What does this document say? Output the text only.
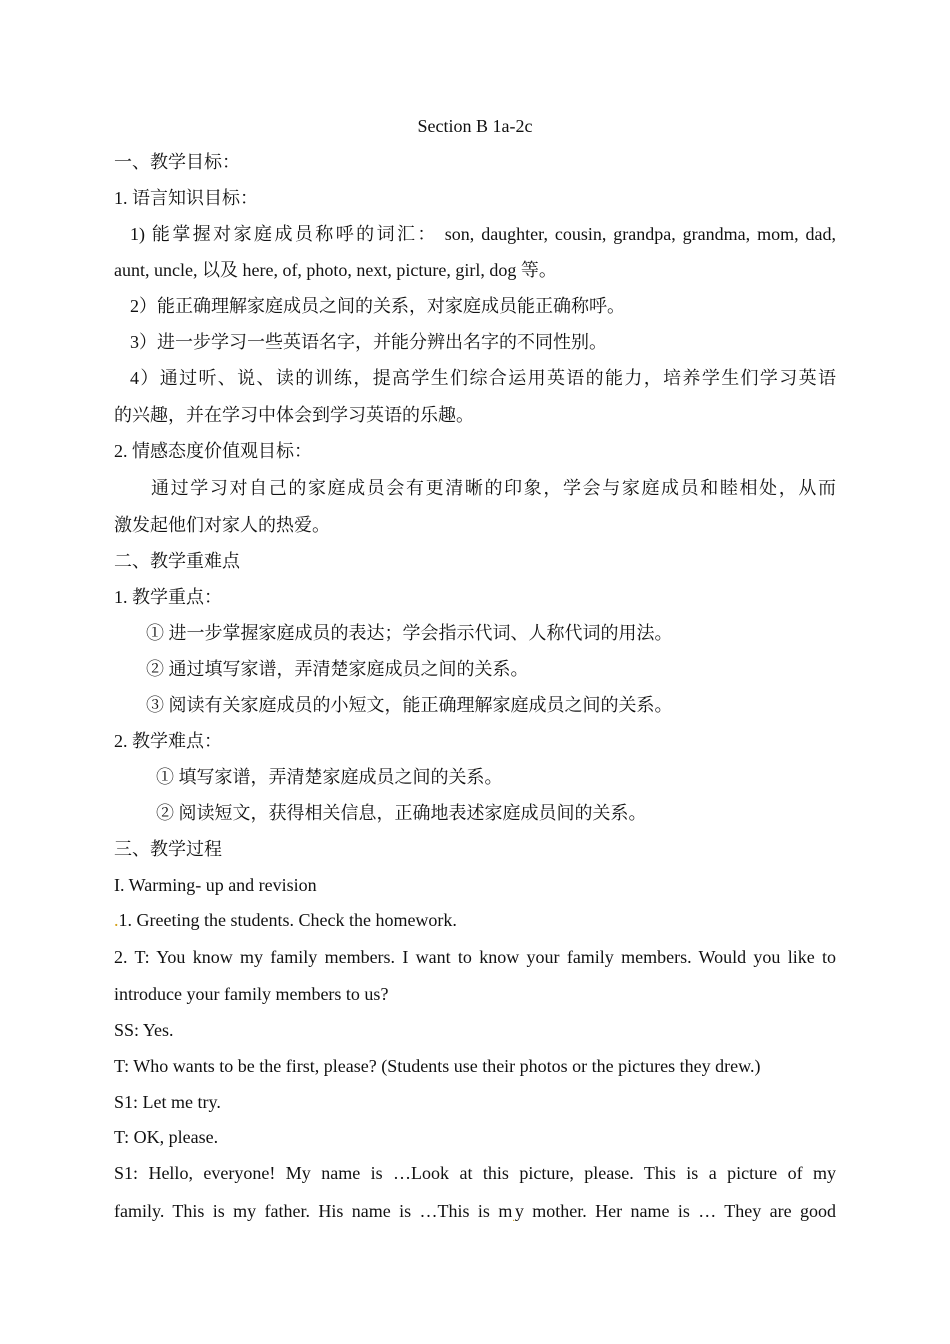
Section B 1a-2c
一、教学目标：
1. 语言知识目标：
1) 能掌握对家庭成员称呼的词汇： son, daughter, cousin, grandpa, grandma, mom, dad,
aunt, uncle, 以及 here, of, photo, next, picture, girl, dog 等。
2）能正确理解家庭成员之间的关系，对家庭成员能正确称呼。
3）进一步学习一些英语名字，并能分辨出名字的不同性别。
4）通过听、说、读的训练，提高学生们综合运用英语的能力，培养学生们学习英语
的兴趣，并在学习中体会到学习英语的乐趣。
2. 情感态度价值观目标：
通过学习对自己的家庭成员会有更清晰的印象，学会与家庭成员和睦相处，从而
激发起他们对家人的热爱。
二、教学重难点
1. 教学重点：
① 进一步掌握家庭成员的表达；学会指示代词、人称代词的用法。
② 通过填写家谱，弄清楚家庭成员之间的关系。
③ 阅读有关家庭成员的小短文，能正确理解家庭成员之间的关系。
2. 教学难点：
① 填写家谱，弄清楚家庭成员之间的关系。
② 阅读短文，获得相关信息，正确地表述家庭成员间的关系。
三、教学过程
I. Warming- up and revision
.1. Greeting the students. Check the homework.
2. T: You know my family members. I want to know your family members. Would you like to
introduce your family members to us?
SS: Yes.
T: Who wants to be the first, please? (Students use their photos or the pictures they drew.)
S1: Let me try.
T: OK, please.
S1: Hello, everyone! My name is …Look at this picture, please. This is a picture of my
family. This is my father. His name is …This is $m_.y$ mother. Her name is … They are good
